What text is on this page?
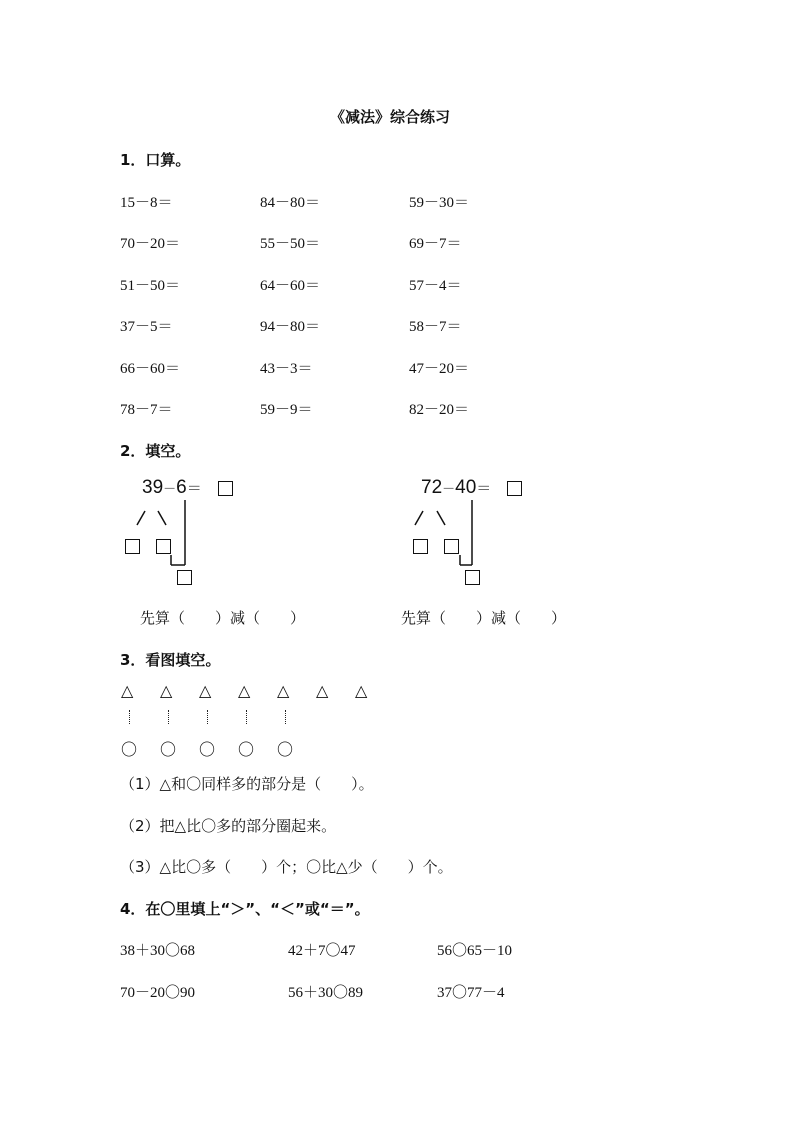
《减法》综合练习
1．口算。
15－8＝	84－80＝	59－30＝
70－20＝	55－50＝	69－7＝
51－50＝	64－60＝	57－4＝
37－5＝	94－80＝	58－7＝
66－60＝	43－3＝	47－20＝
78－7＝	59－9＝	82－20＝
2．填空。
39－6＝	72－40＝
先算（　　）减（　　）	先算（　　）减（　　）
3．看图填空。
△ △ △ △ △ △ △
〇 〇 〇 〇 〇
（1）△和〇同样多的部分是（　　）。
（2）把△比〇多的部分圈起来。
（3）△比〇多（　　）个；〇比△少（　　）个。
4．在〇里填上“＞”、“＜”或“＝”。
38＋30〇68	42＋7〇47	56〇65－10
70－20〇90	56＋30〇89	37〇77－4
